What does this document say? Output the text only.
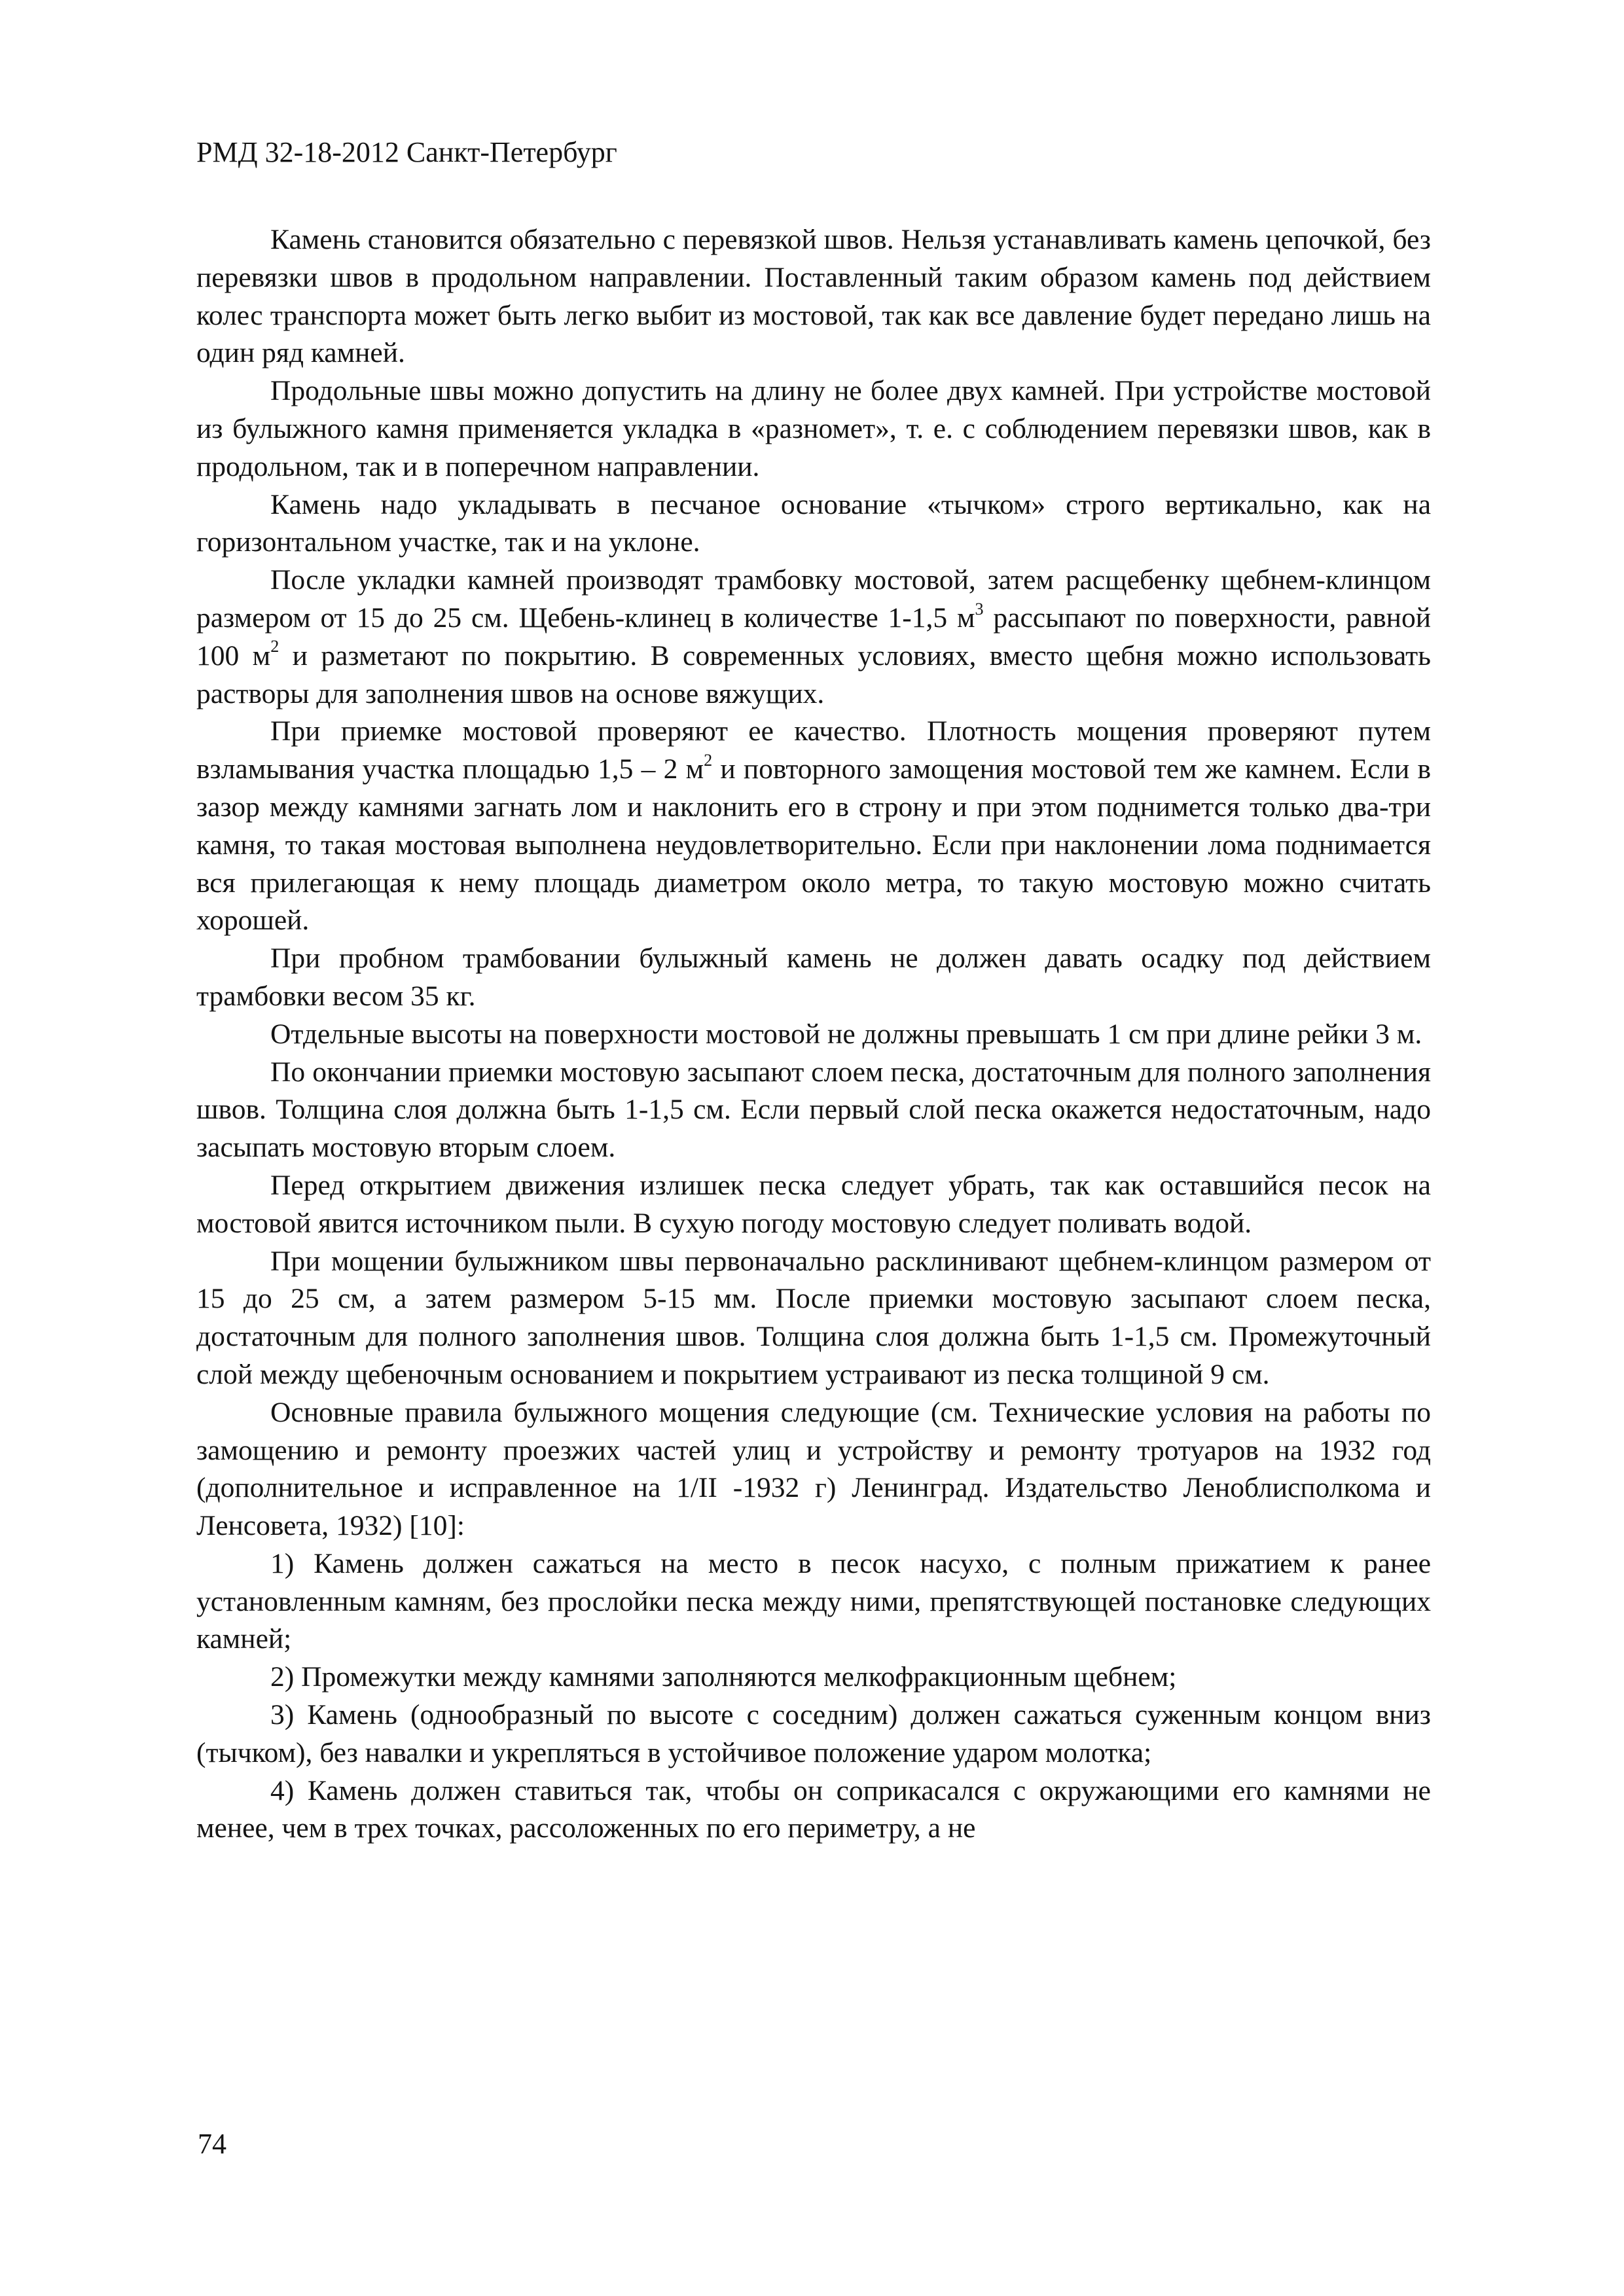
РМД 32-18-2012 Санкт-Петербург

Камень становится обязательно с перевязкой швов. Нельзя устанавливать камень цепочкой, без перевязки швов в продольном направлении. Поставленный таким образом камень под действием колес транспорта может быть легко выбит из мостовой, так как все давление будет передано лишь на один ряд камней.

Продольные швы можно допустить на длину не более двух камней. При устройстве мостовой из булыжного камня применяется укладка в «разномет», т. е. с соблюдением перевязки швов, как в продольном, так и в поперечном направлении.

Камень надо укладывать в песчаное основание «тычком» строго вертикально, как на горизонтальном участке, так и на уклоне.

После укладки камней производят трамбовку мостовой, затем расщебенку щебнем-клинцом размером от 15 до 25 см. Щебень-клинец в количестве 1-1,5 $м^3$ рассыпают по поверхности, равной 100 $м^2$ и разметают по покрытию. В современных условиях, вместо щебня можно использовать растворы для заполнения швов на основе вяжущих.

При приемке мостовой проверяют ее качество. Плотность мощения проверяют путем взламывания участка площадью 1,5 – 2 $м^2$ и повторного замощения мостовой тем же камнем. Если в зазор между камнями загнать лом и наклонить его в строну и при этом поднимется только два-три камня, то такая мостовая выполнена неудовлетворительно. Если при наклонении лома поднимается вся прилегающая к нему площадь диаметром около метра, то такую мостовую можно считать хорошей.

При пробном трамбовании булыжный камень не должен давать осадку под действием трамбовки весом 35 кг.

Отдельные высоты на поверхности мостовой не должны превышать 1 см при длине рейки 3 м.

По окончании приемки мостовую засыпают слоем песка, достаточным для полного заполнения швов. Толщина слоя должна быть 1-1,5 см. Если первый слой песка окажется недостаточным, надо засыпать мостовую вторым слоем.

Перед открытием движения излишек песка следует убрать, так как оставшийся песок на мостовой явится источником пыли. В сухую погоду мостовую следует поливать водой.

При мощении булыжником швы первоначально расклинивают щебнем-клинцом размером от 15 до 25 см, а затем размером 5-15 мм. После приемки мостовую засыпают слоем песка, достаточным для полного заполнения швов. Толщина слоя должна быть 1-1,5 см. Промежуточный слой между щебеночным основанием и покрытием устраивают из песка толщиной 9 см.

Основные правила булыжного мощения следующие (см. Технические условия на работы по замощению и ремонту проезжих частей улиц и устройству и ремонту тротуаров на 1932 год (дополнительное и исправленное на 1/II -1932 г) Ленинград. Издательство Леноблисполкома и Ленсовета, 1932) [10]:

1) Камень должен сажаться на место в песок насухо, с полным прижатием к ранее установленным камням, без прослойки песка между ними, препятствующей постановке следующих камней;

2) Промежутки между камнями заполняются мелкофракционным щебнем;

3) Камень (однообразный по высоте с соседним) должен сажаться суженным концом вниз (тычком), без навалки и укрепляться в устойчивое положение ударом молотка;

4) Камень должен ставиться так, чтобы он соприкасался с окружающими его камнями не менее, чем в трех точках, рассоложенных по его периметру, а не

74
